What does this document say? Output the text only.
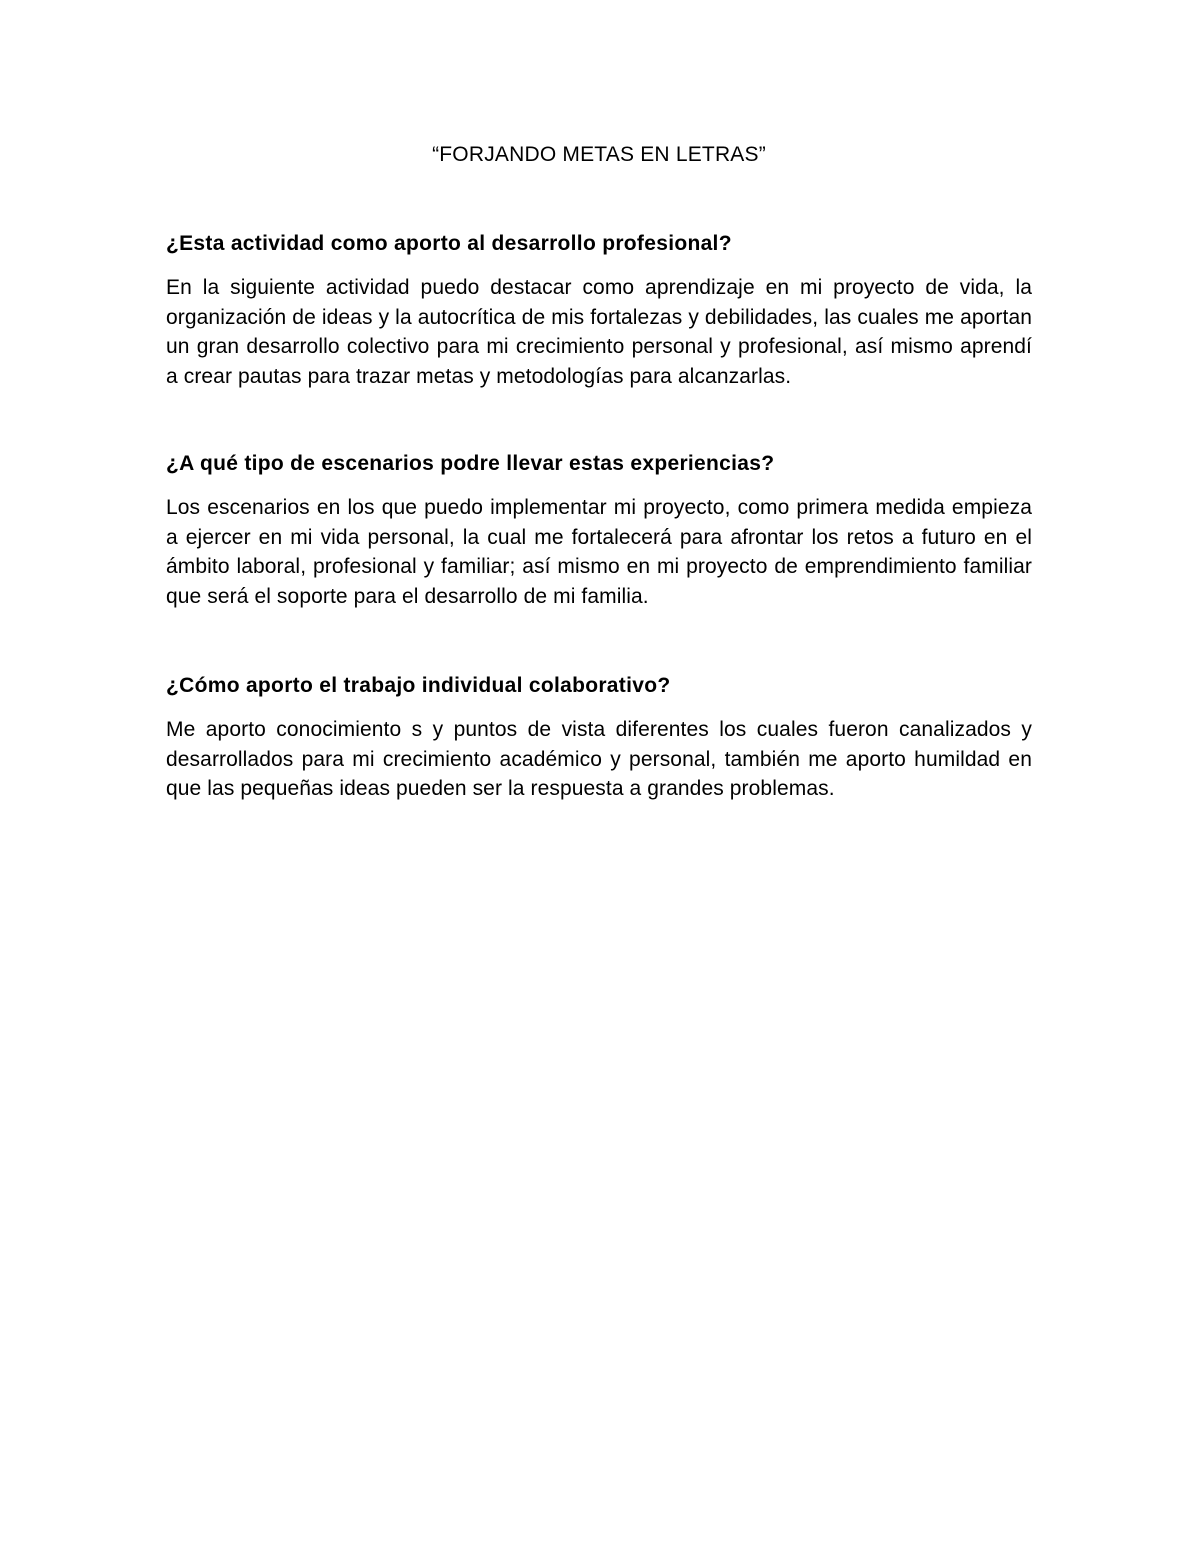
“FORJANDO METAS EN LETRAS”
¿Esta actividad como aporto al desarrollo profesional?

En la siguiente actividad puedo destacar como aprendizaje en mi proyecto de vida, la organización de ideas y la autocrítica de mis fortalezas y debilidades, las cuales me aportan un gran desarrollo colectivo para mi crecimiento personal y profesional, así mismo aprendí a crear pautas para trazar metas y metodologías para alcanzarlas.

¿A qué tipo de escenarios podre llevar estas experiencias?

Los escenarios en los que puedo implementar mi proyecto, como primera medida empieza a ejercer en mi vida personal, la cual me fortalecerá para afrontar los retos a futuro en el ámbito laboral, profesional y familiar; así mismo en mi proyecto de emprendimiento familiar que será el soporte para el desarrollo de mi familia.

¿Cómo aporto el trabajo individual colaborativo?

Me aporto conocimiento s y puntos de vista diferentes los cuales fueron canalizados y desarrollados para mi crecimiento académico y personal, también me aporto humildad en que las pequeñas ideas pueden ser la respuesta a grandes problemas.
